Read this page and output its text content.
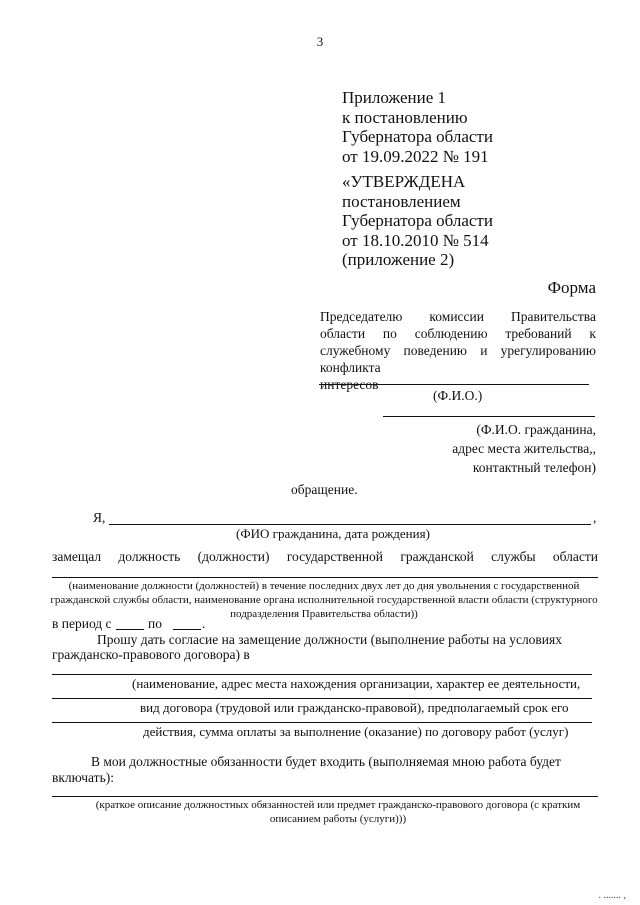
3
Приложение 1
к постановлению
Губернатора области
от 19.09.2022 № 191
«УТВЕРЖДЕНА
постановлением
Губернатора области
от 18.10.2010 № 514
(приложение 2)
Форма
Председателю комиссии Правительства области по соблюдению требований к служебному поведению и урегулированию конфликта
интересов
(Ф.И.О.)
(Ф.И.О. гражданина,
адрес места жительства,,
контактный телефон)
обращение.
Я,	,
(ФИО гражданина, дата рождения)
замещал должность (должности) государственной гражданской службы области
(наименование должности (должностей) в течение последних двух лет до дня увольнения с государственной гражданской службы области, наименование органа исполнительной государственной власти области (структурного подразделения Правительства области))
в период с	по	.
Прошу дать согласие на замещение должности (выполнение работы на условиях
гражданско-правового договора) в
(наименование, адрес места нахождения организации, характер ее деятельности,
вид договора (трудовой или гражданско-правовой), предполагаемый срок его
действия, сумма оплаты за выполнение (оказание) по договору работ (услуг)
В мои должностные обязанности будет входить (выполняемая мною работа будет
включать):
(краткое описание должностных обязанностей или предмет гражданско-правового договора (с кратким описанием работы (услуги)))
. ....... ,
